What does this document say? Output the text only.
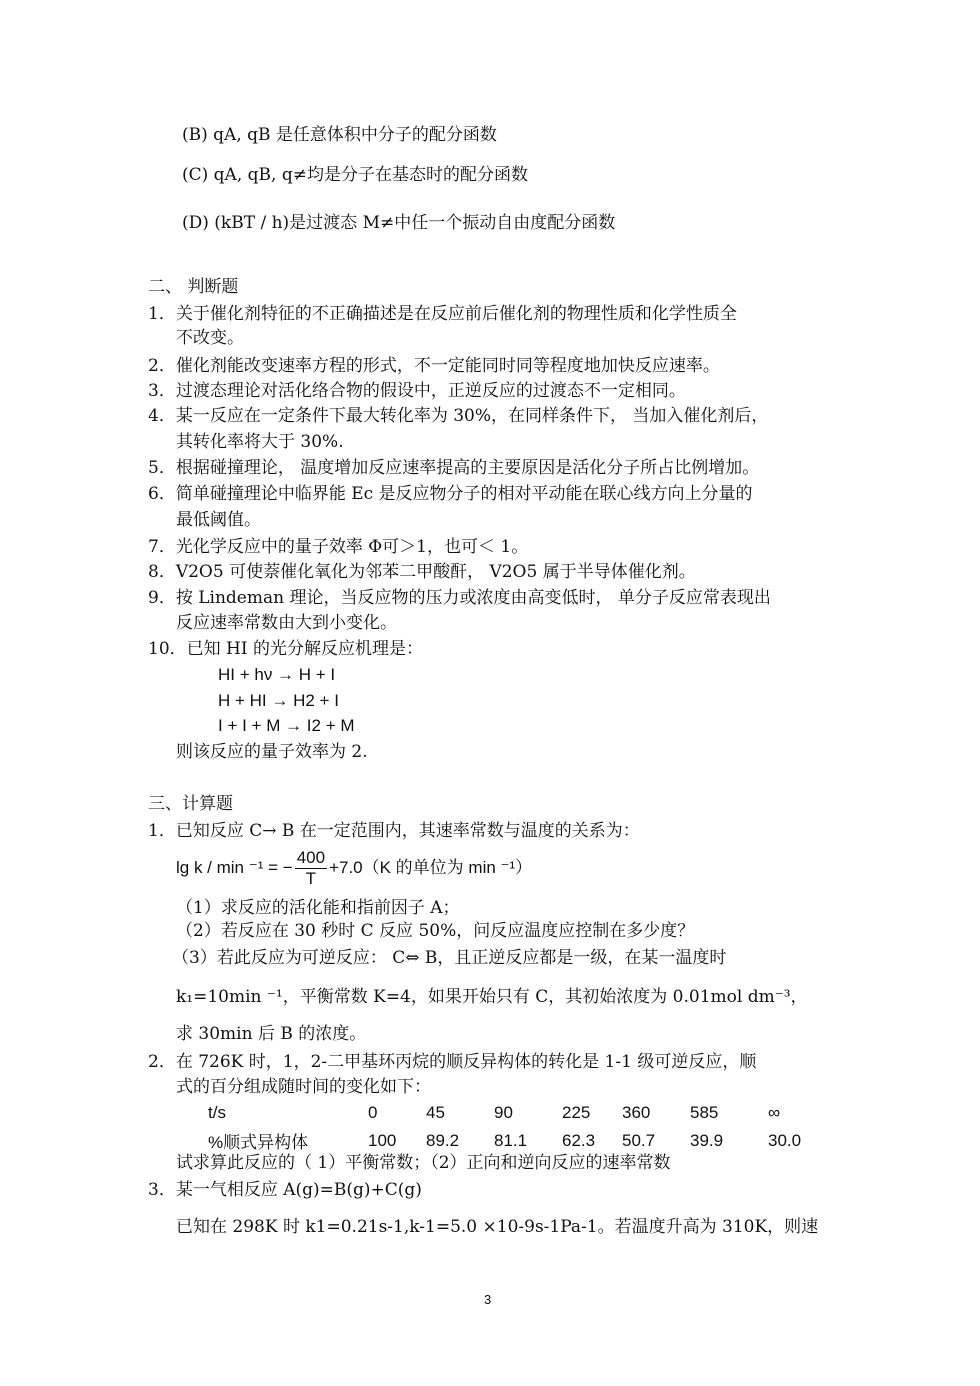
(B) qA, qB 是任意体积中分子的配分函数
(C) qA, qB, q≠均是分子在基态时的配分函数
(D) (kBT / h)是过渡态 M≠中任一个振动自由度配分函数
二、 判断题
1．关于催化剂特征的不正确描述是在反应前后催化剂的物理性质和化学性质全
不改变。
2．催化剂能改变速率方程的形式，不一定能同时同等程度地加快反应速率。
3．过渡态理论对活化络合物的假设中，正逆反应的过渡态不一定相同。
4．某一反应在一定条件下最大转化率为 30%，在同样条件下， 当加入催化剂后，
其转化率将大于 30%.
5．根据碰撞理论， 温度增加反应速率提高的主要原因是活化分子所占比例增加。
6．简单碰撞理论中临界能 Ec 是反应物分子的相对平动能在联心线方向上分量的
最低阈值。
7．光化学反应中的量子效率 Φ可＞1，也可＜ 1。
8．V2O5 可使萘催化氧化为邻苯二甲酸酐， V2O5 属于半导体催化剂。
9．按 Lindeman 理论，当反应物的压力或浓度由高变低时， 单分子反应常表现出
反应速率常数由大到小变化。
10．已知 HI 的光分解反应机理是：
HI + hν → H + I
H + HI → H2 + I
I + I + M → I2 + M
则该反应的量子效率为 2.
三、计算题
1．已知反应 C→ B 在一定范围内，其速率常数与温度的关系为：
lg k / min ⁻¹ = − $\frac{400}{T} +7.0(K$ 的单位为 min ⁻¹）
（1）求反应的活化能和指前因子 A；
（2）若反应在 30 秒时 C 反应 50%，问反应温度应控制在多少度？
（3）若此反应为可逆反应： C⇔ B，且正逆反应都是一级，在某一温度时
k₁=10min ⁻¹，平衡常数 K=4，如果开始只有 C，其初始浓度为 0.01mol dm⁻³，
求 30min 后 B 的浓度。
2．在 726K 时，1，2-二甲基环丙烷的顺反异构体的转化是 1-1 级可逆反应，顺
式的百分组成随时间的变化如下：
t/s	0	45	90	225	360	585	∞
%顺式异构体	100	89.2	81.1	62.3	50.7	39.9	30.0
试求算此反应的（ 1）平衡常数；（2）正向和逆向反应的速率常数
3．某一气相反应 A(g)=B(g)+C(g)
已知在 298K 时 k1=0.21s-1,k-1=5.0 ×10-9s-1Pa-1。若温度升高为 310K，则速
3
